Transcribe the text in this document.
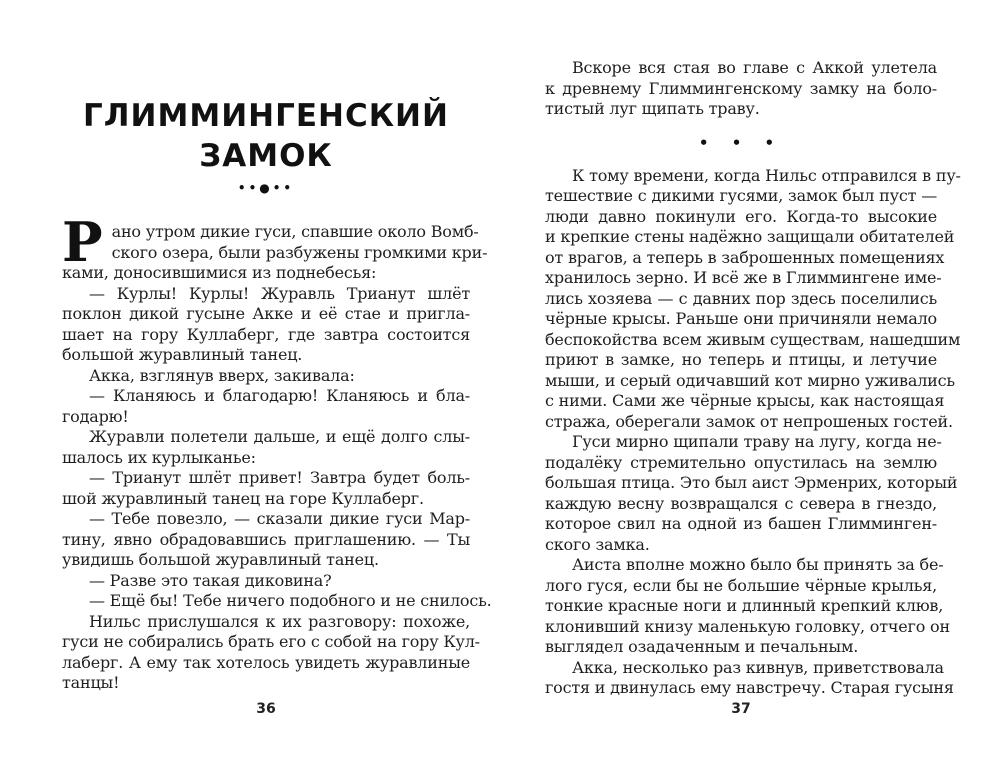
ГЛИММИНГЕНСКИЙ
ЗАМОК
••●••
Р ано утром дикие гуси, спавшие около Вомб-
ского озера, были разбужены громкими кри-
ками, доносившимися из поднебесья:
— Курлы! Курлы! Журавль Трианут шлёт
поклон дикой гусыне Акке и её стае и пригла-
шает на гору Куллаберг, где завтра состоится
большой журавлиный танец.
Акка, взглянув вверх, закивала:
— Кланяюсь и благодарю! Кланяюсь и бла-
годарю!
Журавли полетели дальше, и ещё долго слы-
шалось их курлыканье:
— Трианут шлёт привет! Завтра будет боль-
шой журавлиный танец на горе Куллаберг.
— Тебе повезло, — сказали дикие гуси Мар-
тину, явно обрадовавшись приглашению. — Ты
увидишь большой журавлиный танец.
— Разве это такая диковина?
— Ещё бы! Тебе ничего подобного и не снилось.
Нильс прислушался к их разговору: похоже,
гуси не собирались брать его с собой на гору Кул-
лаберг. А ему так хотелось увидеть журавлиные
танцы!
36
Вскоре вся стая во главе с Аккой улетела
к древнему Глиммингенскому замку на боло-
тистый луг щипать траву.
• • •
К тому времени, когда Нильс отправился в пу-
тешествие с дикими гусями, замок был пуст —
люди давно покинули его. Когда-то высокие
и крепкие стены надёжно защищали обитателей
от врагов, а теперь в заброшенных помещениях
хранилось зерно. И всё же в Глиммингене име-
лись хозяева — с давних пор здесь поселились
чёрные крысы. Раньше они причиняли немало
беспокойства всем живым существам, нашедшим
приют в замке, но теперь и птицы, и летучие
мыши, и серый одичавший кот мирно уживались
с ними. Сами же чёрные крысы, как настоящая
стража, оберегали замок от непрошеных гостей.
Гуси мирно щипали траву на лугу, когда не-
подалёку стремительно опустилась на землю
большая птица. Это был аист Эрменрих, который
каждую весну возвращался с севера в гнездо,
которое свил на одной из башен Глимминген-
ского замка.
Аиста вполне можно было бы принять за бе-
лого гуся, если бы не большие чёрные крылья,
тонкие красные ноги и длинный крепкий клюв,
клонивший книзу маленькую головку, отчего он
выглядел озадаченным и печальным.
Акка, несколько раз кивнув, приветствовала
гостя и двинулась ему навстречу. Старая гусыня
37
